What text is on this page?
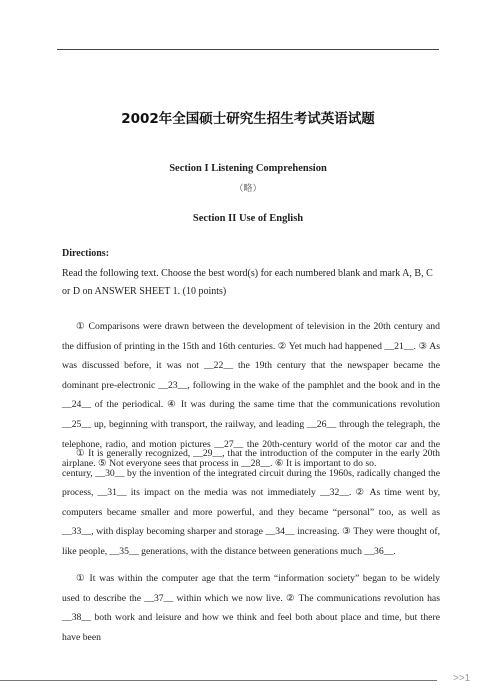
2002年全国硕士研究生招生考试英语试题
Section I Listening Comprehension
（略）
Section II Use of English
Directions:
Read the following text. Choose the best word(s) for each numbered blank and mark A, B, C or D on ANSWER SHEET 1. (10 points)
① Comparisons were drawn between the development of television in the 20th century and the diffusion of printing in the 15th and 16th centuries. ② Yet much had happened __21__. ③ As was discussed before, it was not __22__ the 19th century that the newspaper became the dominant pre-electronic __23__, following in the wake of the pamphlet and the book and in the __24__ of the periodical. ④ It was during the same time that the communications revolution __25__ up, beginning with transport, the railway, and leading __26__ through the telegraph, the telephone, radio, and motion pictures __27__ the 20th-century world of the motor car and the airplane. ⑤ Not everyone sees that process in __28__. ⑥ It is important to do so.
① It is generally recognized, __29__, that the introduction of the computer in the early 20th century, __30__ by the invention of the integrated circuit during the 1960s, radically changed the process, __31__ its impact on the media was not immediately __32__. ② As time went by, computers became smaller and more powerful, and they became “personal” too, as well as __33__, with display becoming sharper and storage __34__ increasing. ③ They were thought of, like people, __35__ generations, with the distance between generations much __36__.
① It was within the computer age that the term “information society” began to be widely used to describe the __37__ within which we now live. ② The communications revolution has __38__ both work and leisure and how we think and feel both about place and time, but there have been
>>1
